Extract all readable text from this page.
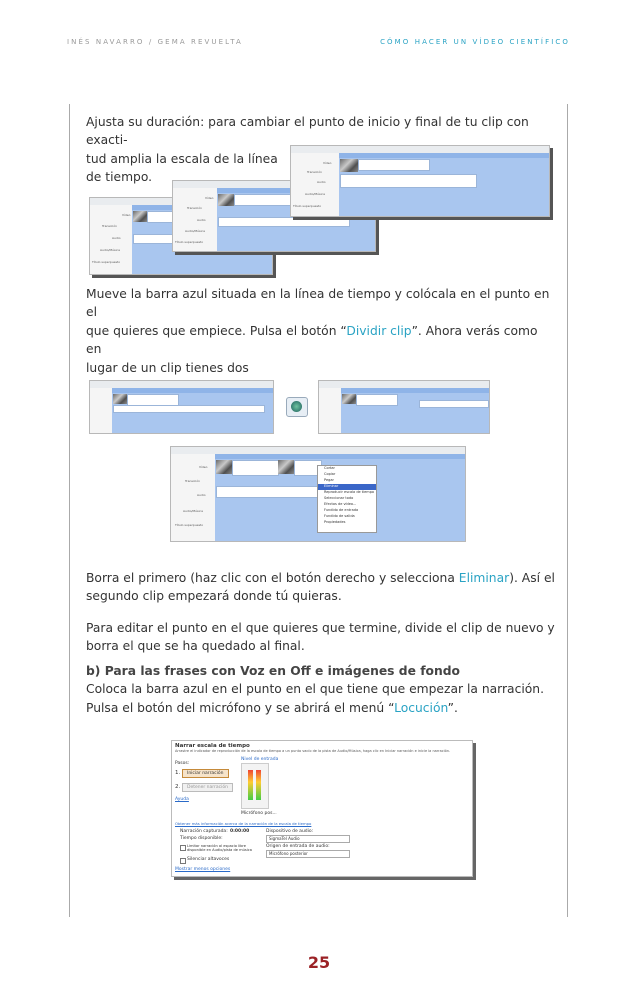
INÉS NAVARRO / GEMA REVUELTA	CÓMO HACER UN VÍDEO CIENTÍFICO
Ajusta su duración: para cambiar el punto de inicio y final de tu clip con exacti-
tud amplia la escala de la línea
de tiempo.
Vídeo
Transición
Audio
Audio/Música
Título superpuesto
Vídeo
Transición
Audio
Audio/Música
Título superpuesto
Vídeo
Transición
Audio
Audio/Música
Título superpuesto
Mueve la barra azul situada en la línea de tiempo y colócala en el punto en el
que quieres que empiece. Pulsa el botón “Dividir clip”. Ahora verás como en
lugar de un clip tienes dos
Vídeo
Transición
Audio
Audio/Música
Título superpuesto
Cortar
Copiar
Pegar
Eliminar
Reproducir escala de tiempo
Seleccionar todo
Efectos de vídeo...
Fundido de entrada
Fundido de salida
Propiedades
Borra el primero (haz clic con el botón derecho y selecciona Eliminar). Así el
segundo clip empezará donde tú quieras.
Para editar el punto en el que quieres que termine, divide el clip de nuevo y
borra el que se ha quedado al final.
b) Para las frases con Voz en Off e imágenes de fondo
Coloca la barra azul en el punto en el que tiene que empezar la narración.
Pulsa el botón del micrófono y se abrirá el menú “Locución”.
Narrar escala de tiempo
Arrastre el indicador de reproducción de la escala de tiempo a un punto vacío de la pista de Audio/Música, haga clic en Iniciar narración e inicie la narración.
Pasos:
1.	Iniciar narración
2.	Detener narración
Ayuda
Nivel de entrada
Micrófono pos...
Obtener más información acerca de la narración de la escala de tiempo
Narración capturada: 0:00:00
Tiempo disponible:
Dispositivo de audio:
SigmaTel Audio
Origen de entrada de audio:
Micrófono posterior
Limitar narración al espacio libre disponible en Audio/pista de música
Silenciar altavoces
Mostrar menos opciones
25
